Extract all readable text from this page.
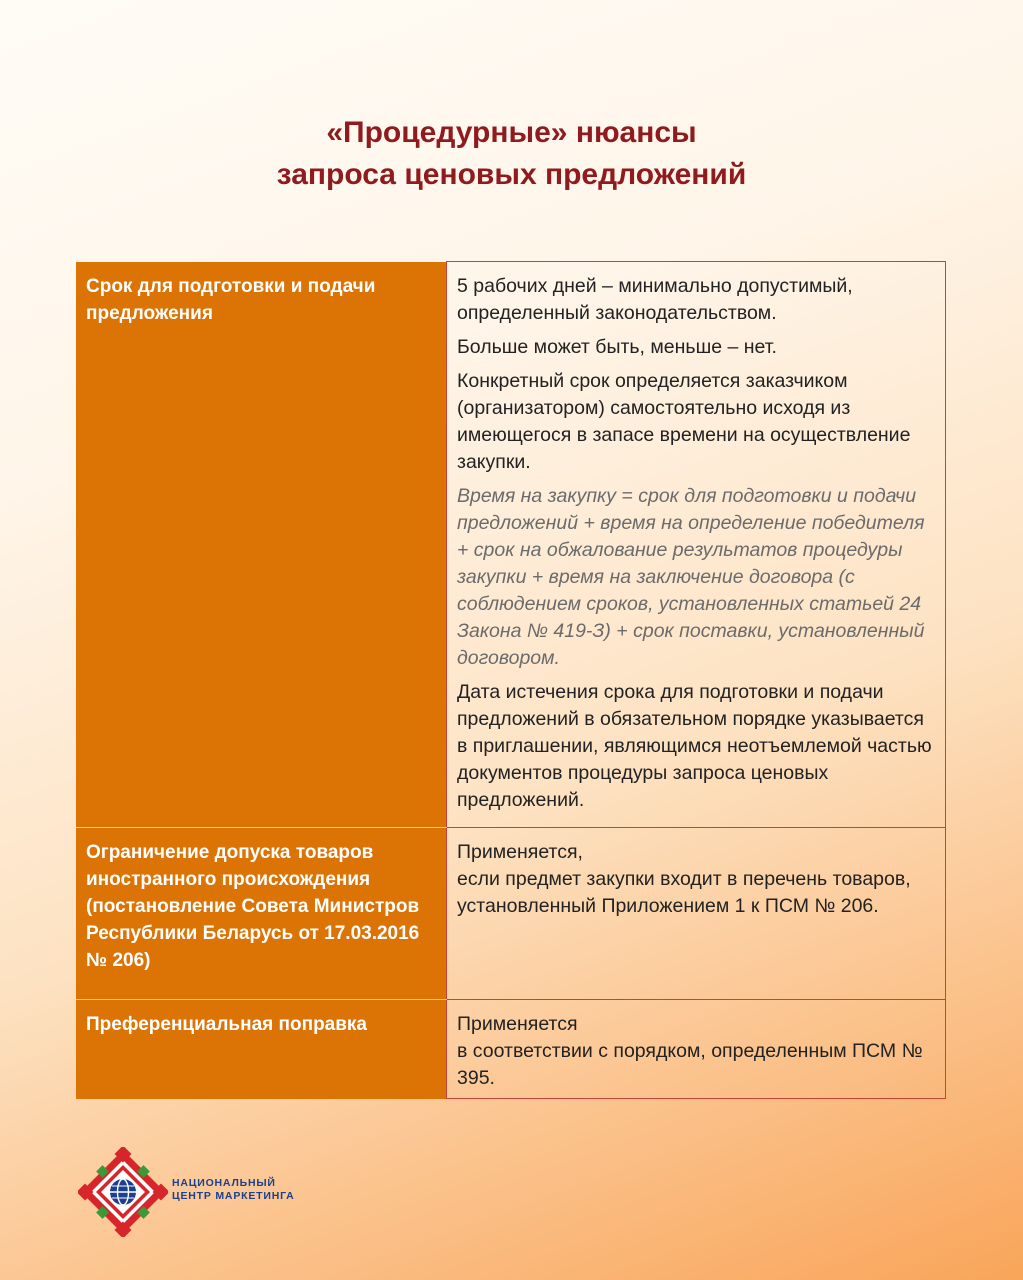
«Процедурные» нюансы
запроса ценовых предложений
Срок для подготовки и подачи предложения	5 рабочих дней – минимально допустимый, определенный законодательством.

Больше может быть, меньше – нет.

Конкретный срок определяется заказчиком (организатором) самостоятельно исходя из имеющегося в запасе времени на осуществление закупки.

Время на закупку = срок для подготовки и подачи предложений + время на определение победителя + срок на обжалование результатов процедуры закупки + время на заключение договора (с соблюдением сроков, установленных статьей 24 Закона № 419-З) + срок поставки, установленный договором.

Дата истечения срока для подготовки и подачи предложений в обязательном порядке указывается в приглашении, являющимся неотъемлемой частью документов процедуры запроса ценовых предложений.

Ограничение допуска товаров иностранного происхождения (постановление Совета Министров Республики Беларусь от 17.03.2016 № 206)	Применяется,

если предмет закупки входит в перечень товаров, установленный Приложением 1 к ПСМ № 206.

Преференциальная поправка	Применяется

в соответствии с порядком, определенным ПСМ № 395.

НАЦИОНАЛЬНЫЙ
ЦЕНТР МАРКЕТИНГА
